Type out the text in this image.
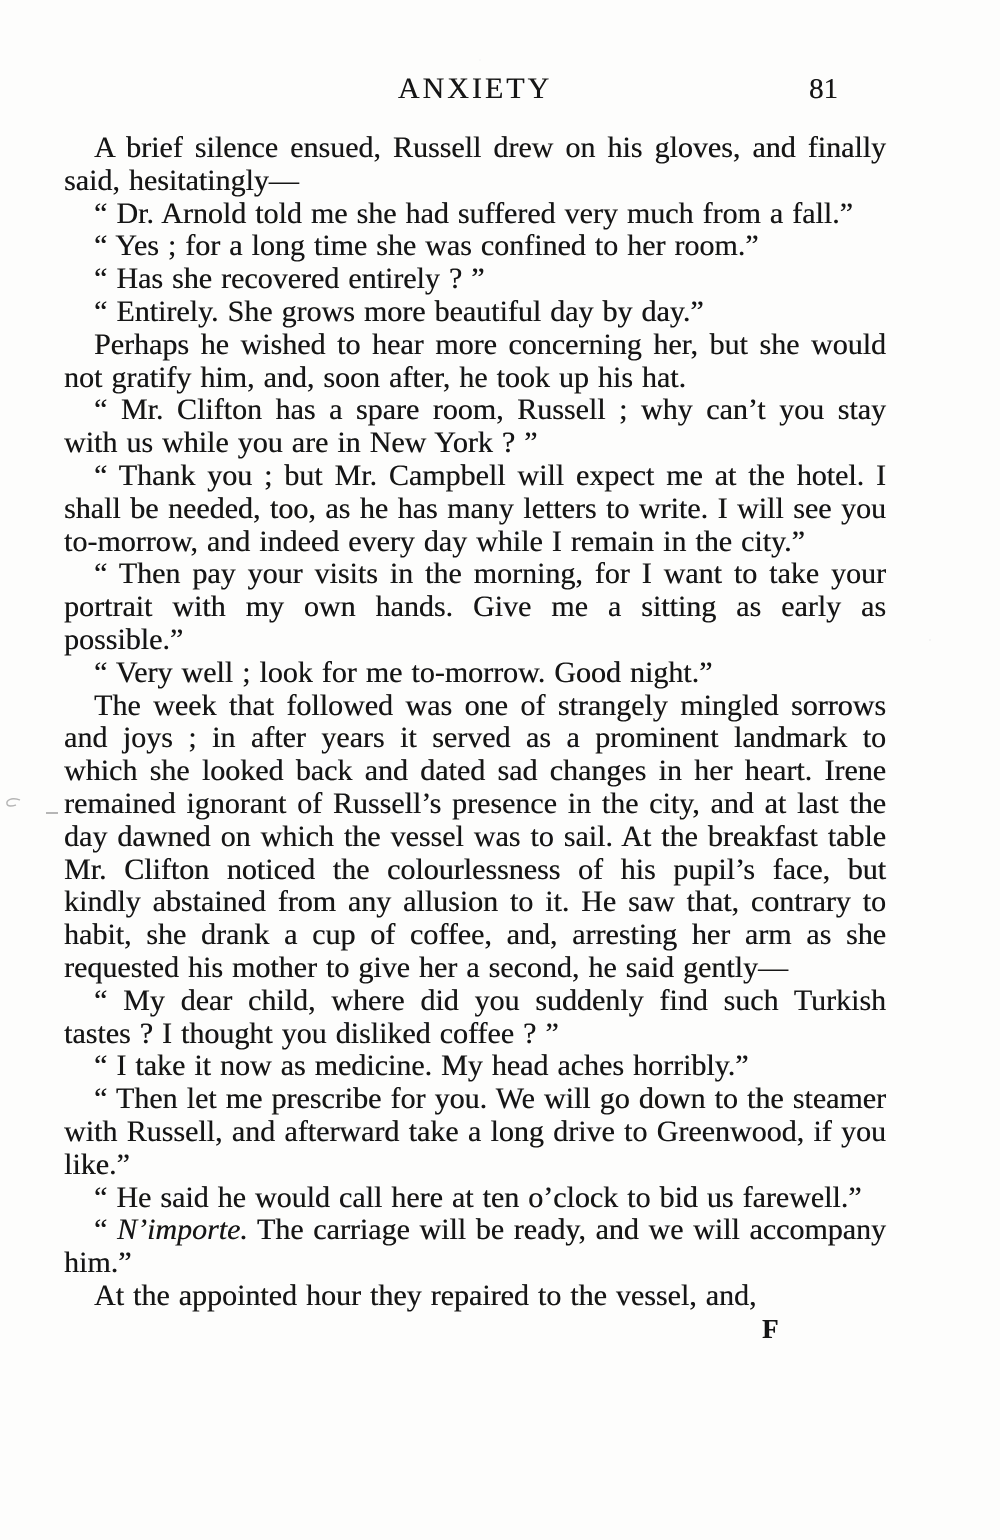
ANXIETY	81

A brief silence ensued, Russell drew on his gloves, and finally said, hesitatingly—

“ Dr. Arnold told me she had suffered very much from a fall.”

“ Yes ; for a long time she was confined to her room.”

“ Has she recovered entirely ? ”

“ Entirely. She grows more beautiful day by day.”

Perhaps he wished to hear more concerning her, but she would not gratify him, and, soon after, he took up his hat.

“ Mr. Clifton has a spare room, Russell ; why can’t you stay with us while you are in New York ? ”

“ Thank you ; but Mr. Campbell will expect me at the hotel. I shall be needed, too, as he has many letters to write. I will see you to-morrow, and indeed every day while I remain in the city.”

“ Then pay your visits in the morning, for I want to take your portrait with my own hands. Give me a sitting as early as possible.”

“ Very well ; look for me to-morrow. Good night.”

The week that followed was one of strangely mingled sorrows and joys ; in after years it served as a prominent landmark to which she looked back and dated sad changes in her heart. Irene remained ignorant of Russell’s presence in the city, and at last the day dawned on which the vessel was to sail. At the breakfast table Mr. Clifton noticed the colourlessness of his pupil’s face, but kindly abstained from any allusion to it. He saw that, contrary to habit, she drank a cup of coffee, and, arresting her arm as she requested his mother to give her a second, he said gently—

“ My dear child, where did you suddenly find such Turkish tastes ? I thought you disliked coffee ? ”

“ I take it now as medicine. My head aches horribly.”

“ Then let me prescribe for you. We will go down to the steamer with Russell, and afterward take a long drive to Greenwood, if you like.”

“ He said he would call here at ten o’clock to bid us farewell.”

“ N’importe. The carriage will be ready, and we will accompany him.”

At the appointed hour they repaired to the vessel, and,

F
